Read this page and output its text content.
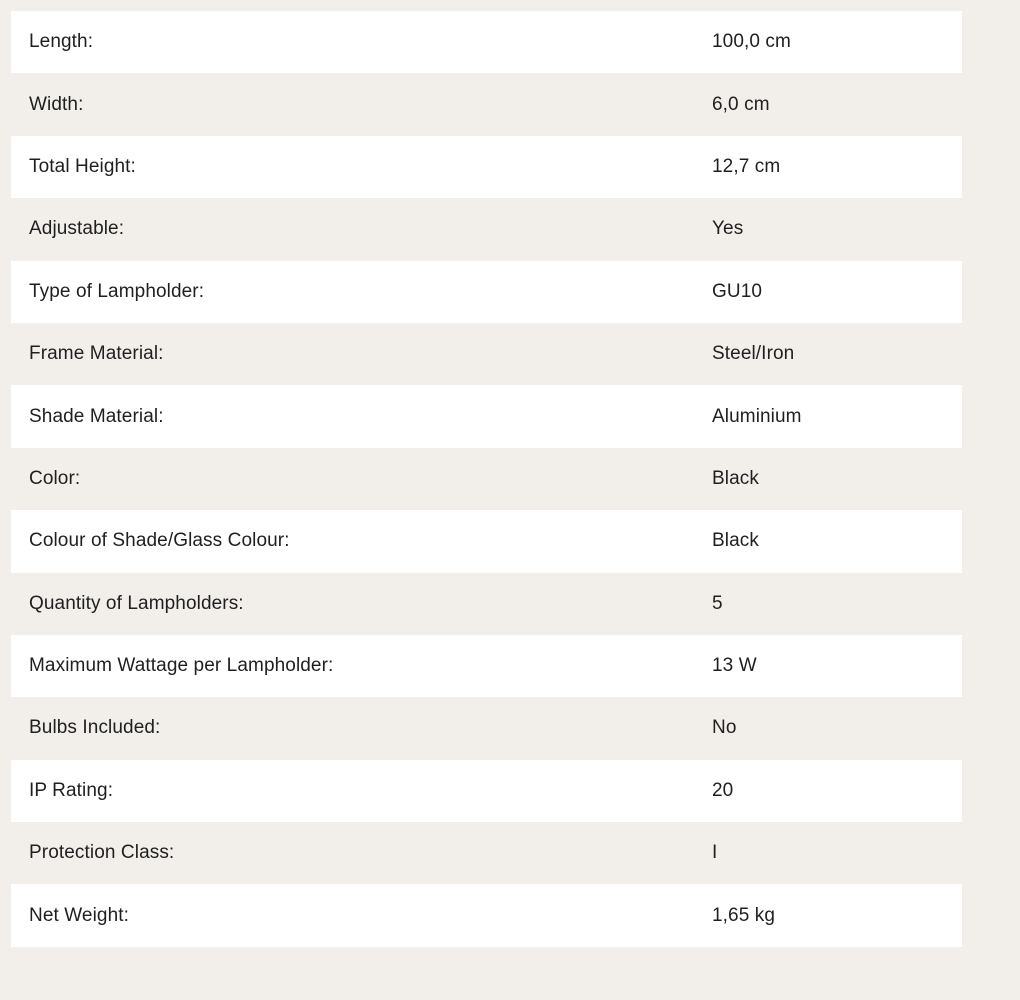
Length:	100,0 cm
Width:	6,0 cm
Total Height:	12,7 cm
Adjustable:	Yes
Type of Lampholder:	GU10
Frame Material:	Steel/Iron
Shade Material:	Aluminium
Color:	Black
Colour of Shade/Glass Colour:	Black
Quantity of Lampholders:	5
Maximum Wattage per Lampholder:	13 W
Bulbs Included:	No
IP Rating:	20
Protection Class:	I
Net Weight:	1,65 kg
